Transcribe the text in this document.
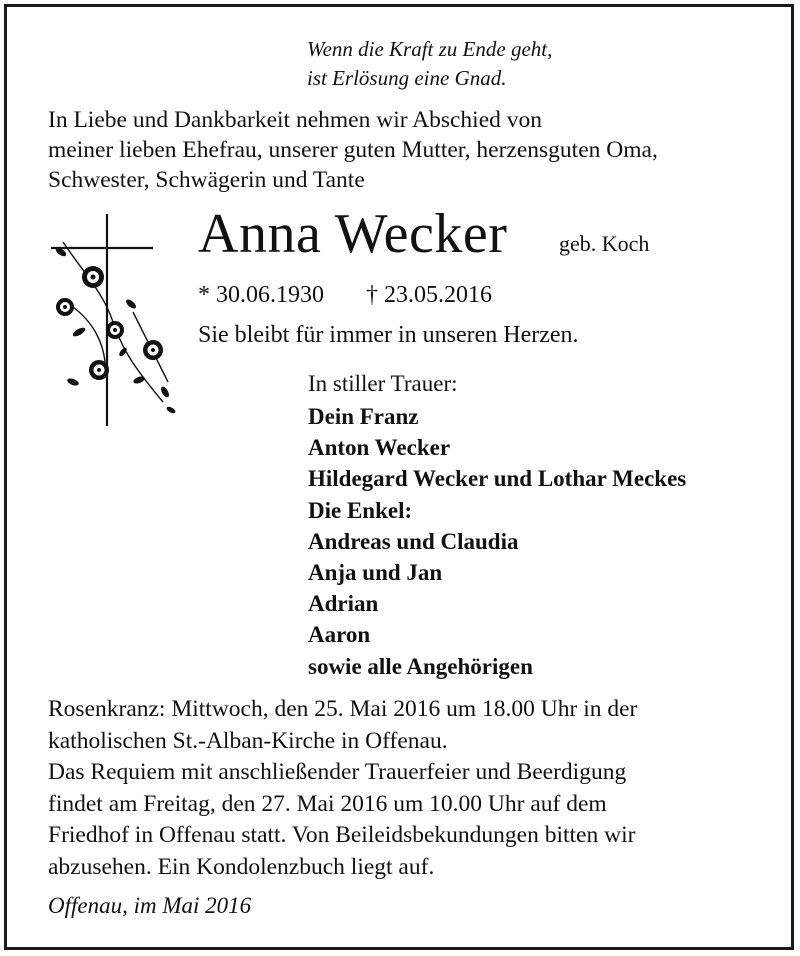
Wenn die Kraft zu Ende geht,
ist Erlösung eine Gnad.
In Liebe und Dankbarkeit nehmen wir Abschied von
meiner lieben Ehefrau, unserer guten Mutter, herzensguten Oma,
Schwester, Schwägerin und Tante
Anna Wecker geb. Koch
* 30.06.1930 † 23.05.2016
Sie bleibt für immer in unseren Herzen.
In stiller Trauer:
Dein Franz
Anton Wecker
Hildegard Wecker und Lothar Meckes
Die Enkel:
Andreas und Claudia
Anja und Jan
Adrian
Aaron
sowie alle Angehörigen
Rosenkranz: Mittwoch, den 25. Mai 2016 um 18.00 Uhr in der
katholischen St.-Alban-Kirche in Offenau.
Das Requiem mit anschließender Trauerfeier und Beerdigung
findet am Freitag, den 27. Mai 2016 um 10.00 Uhr auf dem
Friedhof in Offenau statt. Von Beileidsbekundungen bitten wir
abzusehen. Ein Kondolenzbuch liegt auf.
Offenau, im Mai 2016
